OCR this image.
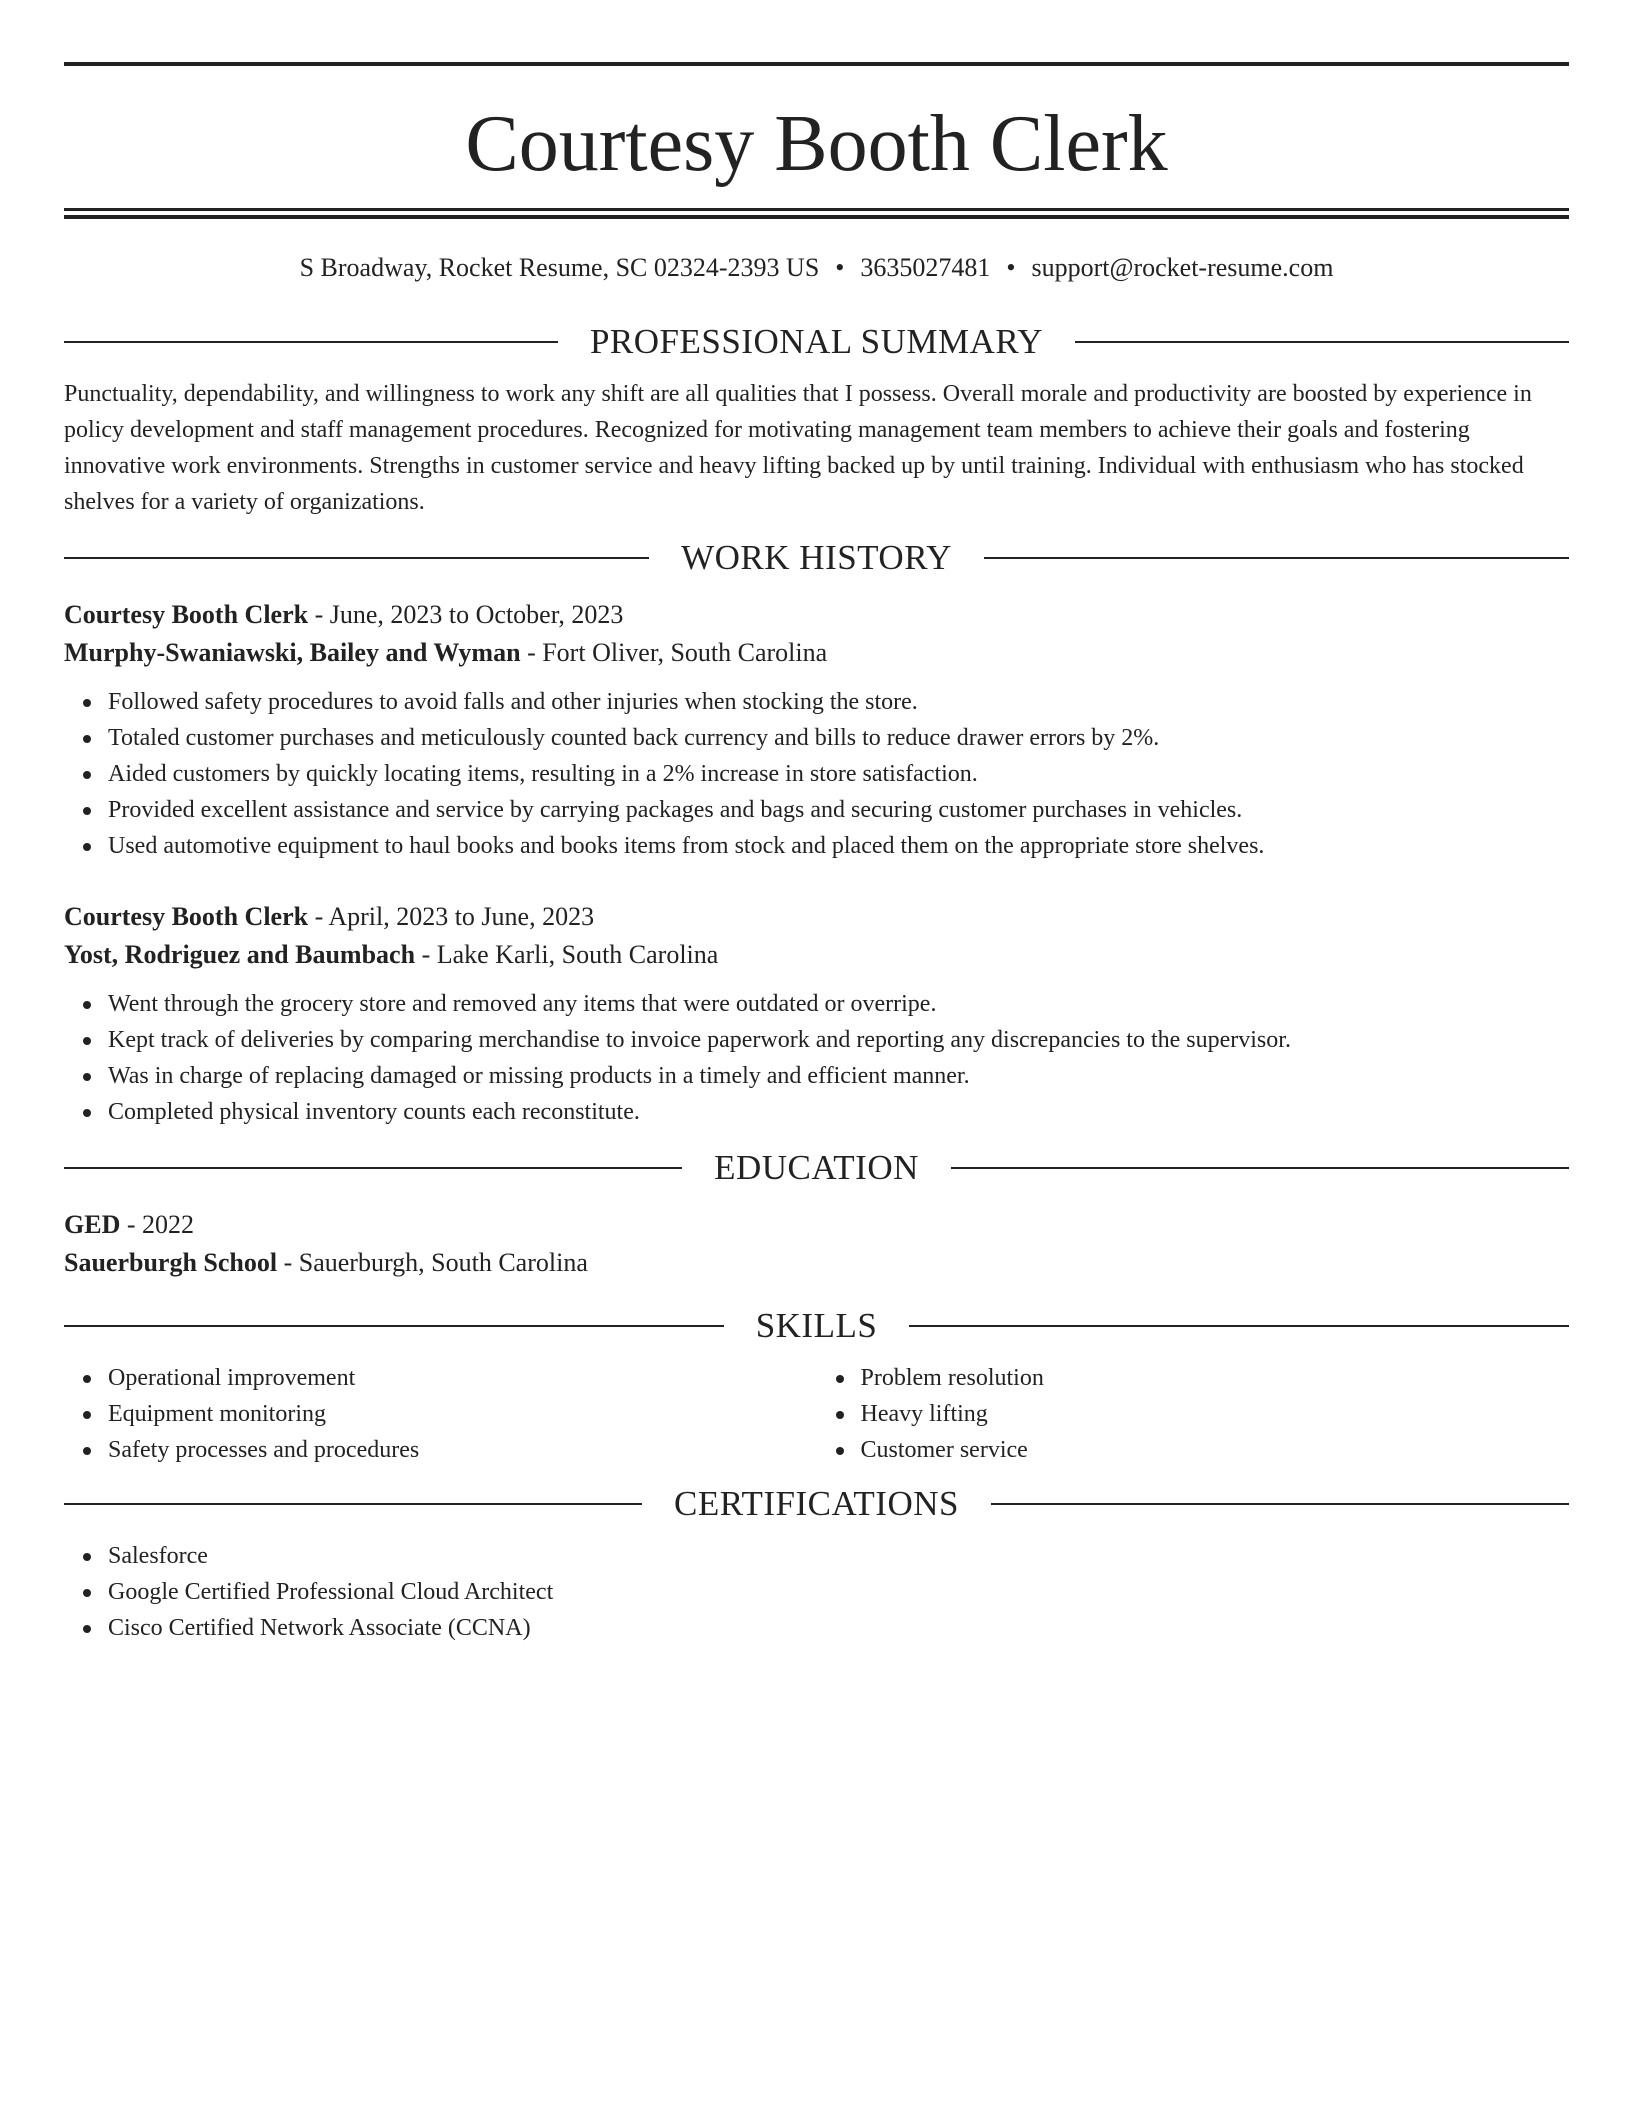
Courtesy Booth Clerk
S Broadway, Rocket Resume, SC 02324-2393 US • 3635027481 • support@rocket-resume.com
PROFESSIONAL SUMMARY
Punctuality, dependability, and willingness to work any shift are all qualities that I possess. Overall morale and productivity are boosted by experience in policy development and staff management procedures. Recognized for motivating management team members to achieve their goals and fostering innovative work environments. Strengths in customer service and heavy lifting backed up by until training. Individual with enthusiasm who has stocked shelves for a variety of organizations.
WORK HISTORY
Courtesy Booth Clerk - June, 2023 to October, 2023
Murphy-Swaniawski, Bailey and Wyman - Fort Oliver, South Carolina
Followed safety procedures to avoid falls and other injuries when stocking the store.
Totaled customer purchases and meticulously counted back currency and bills to reduce drawer errors by 2%.
Aided customers by quickly locating items, resulting in a 2% increase in store satisfaction.
Provided excellent assistance and service by carrying packages and bags and securing customer purchases in vehicles.
Used automotive equipment to haul books and books items from stock and placed them on the appropriate store shelves.
Courtesy Booth Clerk - April, 2023 to June, 2023
Yost, Rodriguez and Baumbach - Lake Karli, South Carolina
Went through the grocery store and removed any items that were outdated or overripe.
Kept track of deliveries by comparing merchandise to invoice paperwork and reporting any discrepancies to the supervisor.
Was in charge of replacing damaged or missing products in a timely and efficient manner.
Completed physical inventory counts each reconstitute.
EDUCATION
GED - 2022
Sauerburgh School - Sauerburgh, South Carolina
SKILLS
Operational improvement
Equipment monitoring
Safety processes and procedures
Problem resolution
Heavy lifting
Customer service
CERTIFICATIONS
Salesforce
Google Certified Professional Cloud Architect
Cisco Certified Network Associate (CCNA)
